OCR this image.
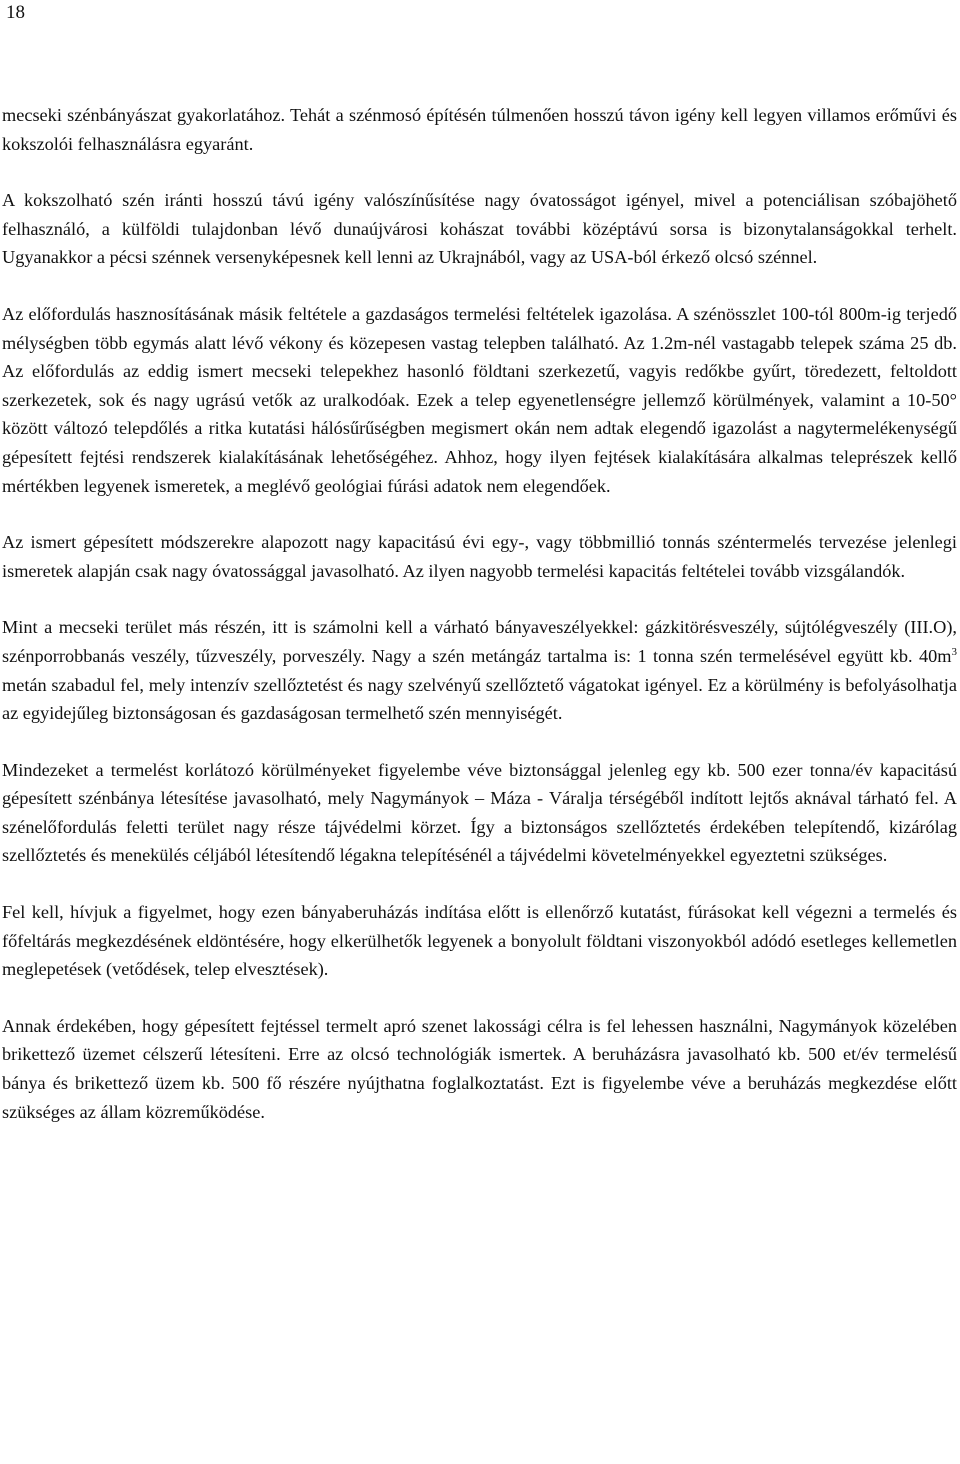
18

mecseki szénbányászat gyakorlatához. Tehát a szénmosó építésén túlmenően hosszú távon igény kell legyen villamos erőművi és kokszolói felhasználásra egyaránt.

A kokszolható szén iránti hosszú távú igény valószínűsítése nagy óvatosságot igényel, mivel a potenciálisan szóbajöhető felhasználó, a külföldi tulajdonban lévő dunaújvárosi kohászat további középtávú sorsa is bizonytalanságokkal terhelt. Ugyanakkor a pécsi szénnek versenyképesnek kell lenni az Ukrajnából, vagy az USA-ból érkező olcsó szénnel.

Az előfordulás hasznosításának másik feltétele a gazdaságos termelési feltételek igazolása. A szénösszlet 100-tól 800m-ig terjedő mélységben több egymás alatt lévő vékony és közepesen vastag telepben található. Az 1.2m-nél vastagabb telepek száma 25 db. Az előfordulás az eddig ismert mecseki telepekhez hasonló földtani szerkezetű, vagyis redőkbe gyűrt, töredezett, feltoldott szerkezetek, sok és nagy ugrású vetők az uralkodóak. Ezek a telep egyenetlenségre jellemző körülmények, valamint a 10-50° között változó telepdőlés a ritka kutatási hálósűrűségben megismert okán nem adtak elegendő igazolást a nagytermelékenységű gépesített fejtési rendszerek kialakításának lehetőségéhez. Ahhoz, hogy ilyen fejtések kialakítására alkalmas teleprészek kellő mértékben legyenek ismeretek, a meglévő geológiai fúrási adatok nem elegendőek.

Az ismert gépesített módszerekre alapozott nagy kapacitású évi egy-, vagy többmillió tonnás széntermelés tervezése jelenlegi ismeretek alapján csak nagy óvatossággal javasolható. Az ilyen nagyobb termelési kapacitás feltételei tovább vizsgálandók.

Mint a mecseki terület más részén, itt is számolni kell a várható bányaveszélyekkel: gázkitörésveszély, sújtólégveszély (III.O), szénporrobbanás veszély, tűzveszély, porveszély. Nagy a szén metángáz tartalma is: 1 tonna szén termelésével együtt kb. $40m^3$ metán szabadul fel, mely intenzív szellőztetést és nagy szelvényű szellőztető vágatokat igényel. Ez a körülmény is befolyásolhatja az egyidejűleg biztonságosan és gazdaságosan termelhető szén mennyiségét.

Mindezeket a termelést korlátozó körülményeket figyelembe véve biztonsággal jelenleg egy kb. 500 ezer tonna/év kapacitású gépesített szénbánya létesítése javasolható, mely Nagymányok – Máza - Váralja térségéből indított lejtős aknával tárható fel. A szénelőfordulás feletti terület nagy része tájvédelmi körzet. Így a biztonságos szellőztetés érdekében telepítendő, kizárólag szellőztetés és menekülés céljából létesítendő légakna telepítésénél a tájvédelmi követelményekkel egyeztetni szükséges.

Fel kell, hívjuk a figyelmet, hogy ezen bányaberuházás indítása előtt is ellenőrző kutatást, fúrásokat kell végezni a termelés és főfeltárás megkezdésének eldöntésére, hogy elkerülhetők legyenek a bonyolult földtani viszonyokból adódó esetleges kellemetlen meglepetések (vetődések, telep elvesztések).

Annak érdekében, hogy gépesített fejtéssel termelt apró szenet lakossági célra is fel lehessen használni, Nagymányok közelében brikettező üzemet célszerű létesíteni. Erre az olcsó technológiák ismertek. A beruházásra javasolható kb. 500 et/év termelésű bánya és brikettező üzem kb. 500 fő részére nyújthatna foglalkoztatást. Ezt is figyelembe véve a beruházás megkezdése előtt szükséges az állam közreműködése.
